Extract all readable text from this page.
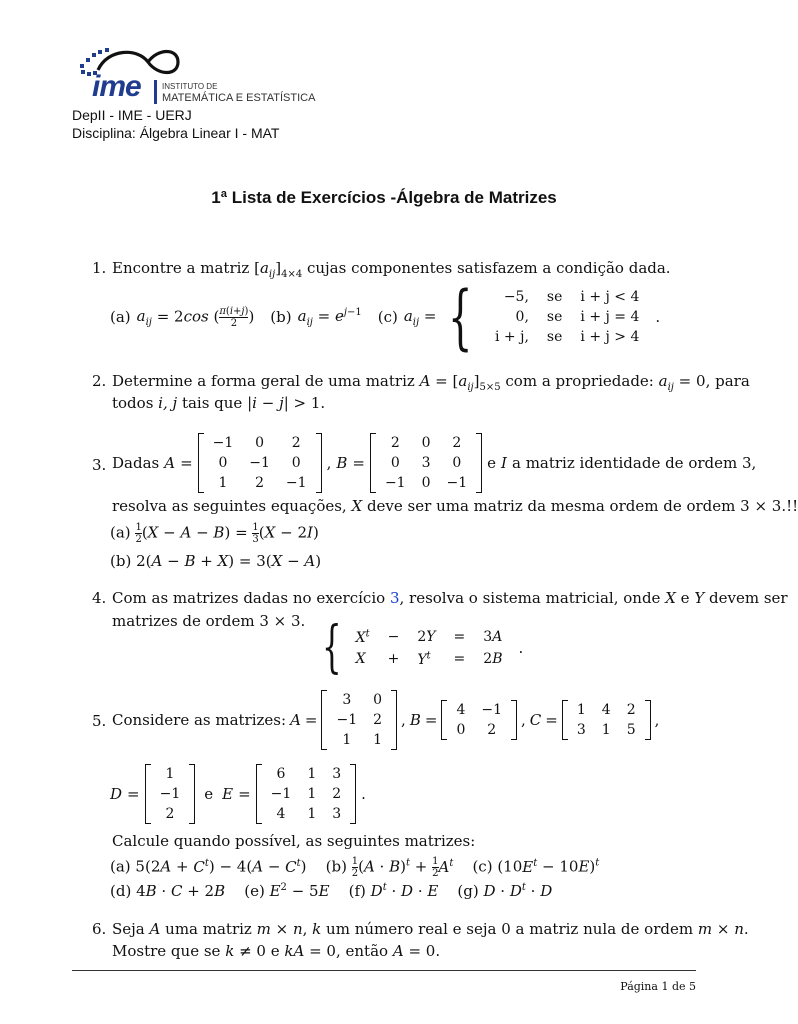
ime	INSTITUTO DE
MATEMÁTICA E ESTATÍSTICA
DepII - IME - UERJ
Disciplina: Álgebra Linear I - MAT
1ª Lista de Exercícios -Álgebra de Matrizes
1. Encontre a matriz $[a_{ij}]_{4\times 4}$ cujas componentes satisfazem a condição dada.
(a) $a_{ij} = 2\cos$ ( $\frac{\pi(i+j)}{2}$ ) (b) $a_{ij} = e^{j-1}$ (c) $a_{ij}$ = { −5,	se	i + j < 4
0,	se	i + j = 4
i + j,	se	i + j > 4
.
2. Determine a forma geral de uma matriz $A = [a_{ij}]_{5\times 5}$ com a propriedade: $a_{ij} = 0$, para
todos i, j tais que |i − j| > 1.
3. Dadas A =
−1	0	2
0	−1	0
1	2	−1
, B =
2	0	2
0	3	0
−1	0	−1
e I a matriz identidade de ordem 3,
resolva as seguintes equações, X deve ser uma matriz da mesma ordem de ordem 3 × 3.!!
$(a) \frac{1}{2} (X - A - B) = \frac{1}{3} (X - 2I)$
(b) 2(A − B + X) = 3(X − A)
4. Com as matrizes dadas no exercício 3, resolva o sistema matricial, onde X e Y devem ser
matrizes de ordem 3 × 3. { $X^t$	−	2Y	=	3A
X	+	$Y^t$	=	2B
.
5. Considere as matrizes: A =
3	0
−1	2
1	1
, B =
4	−1
0	2
, C =
1	4	2
3	1	5
,
D =
1
−1
2
e E =
6	1	3
−1	1	2
4	1	3
.
Calcule quando possível, as seguintes matrizes:
(a) $5(2A + C^t) - 4(A - C^t)$    $(b) \frac{1}{2} (A \cdot B)^t + \frac{1}{2} A^t$ (c) $(10E^t - 10E)^t$
(d) 4B · C + 2B (e) $E^2 - 5E$ (f) $D^t \cdot D \cdot E$ (g) $D \cdot D^t \cdot D$
6. Seja A uma matriz m × n, k um número real e seja 0 a matriz nula de ordem m × n.
Mostre que se k ≠ 0 e kA = 0, então A = 0.
Página 1 de 5
